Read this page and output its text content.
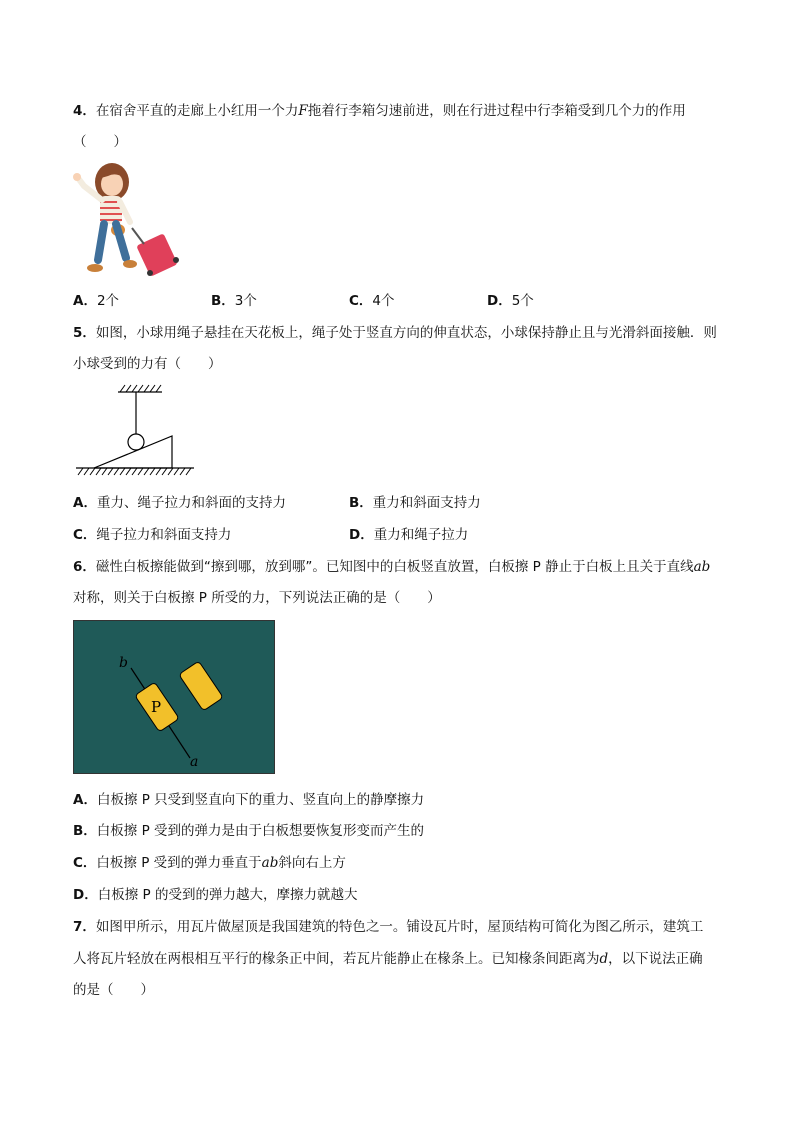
4．在宿舍平直的走廊上小红用一个力F拖着行李箱匀速前进，则在行进过程中行李箱受到几个力的作用
（　　）
A．2个	B．3个	C．4个	D．5个
5．如图，小球用绳子悬挂在天花板上，绳子处于竖直方向的伸直状态，小球保持静止且与光滑斜面接触．则
小球受到的力有（　　）
A．重力、绳子拉力和斜面的支持力	B．重力和斜面支持力
C．绳子拉力和斜面支持力	D．重力和绳子拉力
6．磁性白板擦能做到“擦到哪，放到哪”。已知图中的白板竖直放置，白板擦 P 静止于白板上且关于直线ab
对称，则关于白板擦 P 所受的力，下列说法正确的是（　　）
P
b
a
A．白板擦 P 只受到竖直向下的重力、竖直向上的静摩擦力
B．白板擦 P 受到的弹力是由于白板想要恢复形变而产生的
C．白板擦 P 受到的弹力垂直于ab斜向右上方
D．白板擦 P 的受到的弹力越大，摩擦力就越大
7．如图甲所示，用瓦片做屋顶是我国建筑的特色之一。铺设瓦片时，屋顶结构可简化为图乙所示，建筑工
人将瓦片轻放在两根相互平行的椽条正中间，若瓦片能静止在椽条上。已知椽条间距离为d，以下说法正确
的是（　　）
